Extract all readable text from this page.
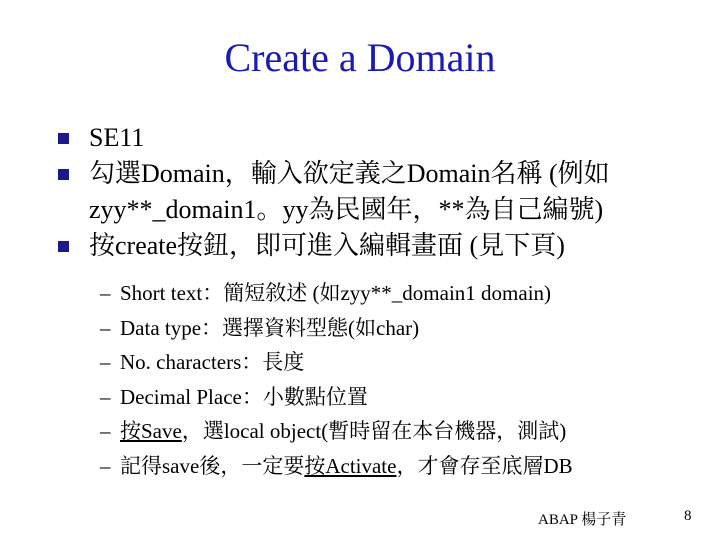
Create a Domain
SE11
勾選Domain，輸入欲定義之Domain名稱 (例如
zyy**_domain1。yy為民國年，**為自己編號)
按create按鈕，即可進入編輯畫面 (見下頁)
– Short text：簡短敘述 (如zyy**_domain1 domain)
– Data type：選擇資料型態(如char)
– No. characters：長度
– Decimal Place：小數點位置
– 按Save，選local object(暫時留在本台機器，測試)
– 記得save後，一定要按Activate，才會存至底層DB
ABAP 楊子青	8
